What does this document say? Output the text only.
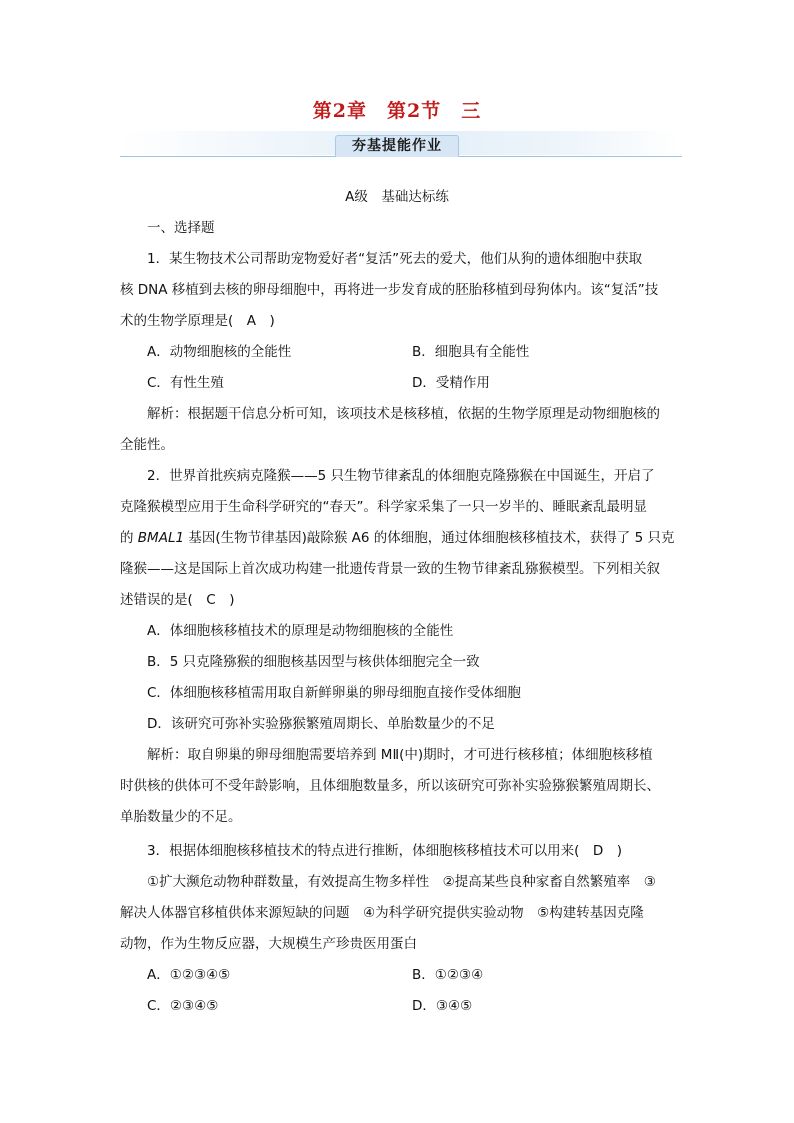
第2章　第2节　三
夯基提能作业
A级　基础达标练
一、选择题
1．某生物技术公司帮助宠物爱好者“复活”死去的爱犬，他们从狗的遗体细胞中获取
核 DNA 移植到去核的卵母细胞中，再将进一步发育成的胚胎移植到母狗体内。该“复活”技
术的生物学原理是(　A　)
A．动物细胞核的全能性	B．细胞具有全能性
C．有性生殖	D．受精作用
解析：根据题干信息分析可知，该项技术是核移植，依据的生物学原理是动物细胞核的
全能性。
2．世界首批疾病克隆猴——5 只生物节律紊乱的体细胞克隆猕猴在中国诞生，开启了
克隆猴模型应用于生命科学研究的“春天”。科学家采集了一只一岁半的、睡眠紊乱最明显
的 BMAL1 基因(生物节律基因)敲除猴 A6 的体细胞，通过体细胞核移植技术，获得了 5 只克
隆猴——这是国际上首次成功构建一批遗传背景一致的生物节律紊乱猕猴模型。下列相关叙
述错误的是(　C　)
A．体细胞核移植技术的原理是动物细胞核的全能性
B．5 只克隆猕猴的细胞核基因型与核供体细胞完全一致
C．体细胞核移植需用取自新鲜卵巢的卵母细胞直接作受体细胞
D．该研究可弥补实验猕猴繁殖周期长、单胎数量少的不足
解析：取自卵巢的卵母细胞需要培养到 MⅡ(中)期时，才可进行核移植；体细胞核移植
时供核的供体可不受年龄影响，且体细胞数量多，所以该研究可弥补实验猕猴繁殖周期长、
单胎数量少的不足。
3．根据体细胞核移植技术的特点进行推断，体细胞核移植技术可以用来(　D　)
①扩大濒危动物种群数量，有效提高生物多样性　②提高某些良种家畜自然繁殖率　③
解决人体器官移植供体来源短缺的问题　④为科学研究提供实验动物　⑤构建转基因克隆
动物，作为生物反应器，大规模生产珍贵医用蛋白
A．①②③④⑤	B．①②③④
C．②③④⑤	D．③④⑤
